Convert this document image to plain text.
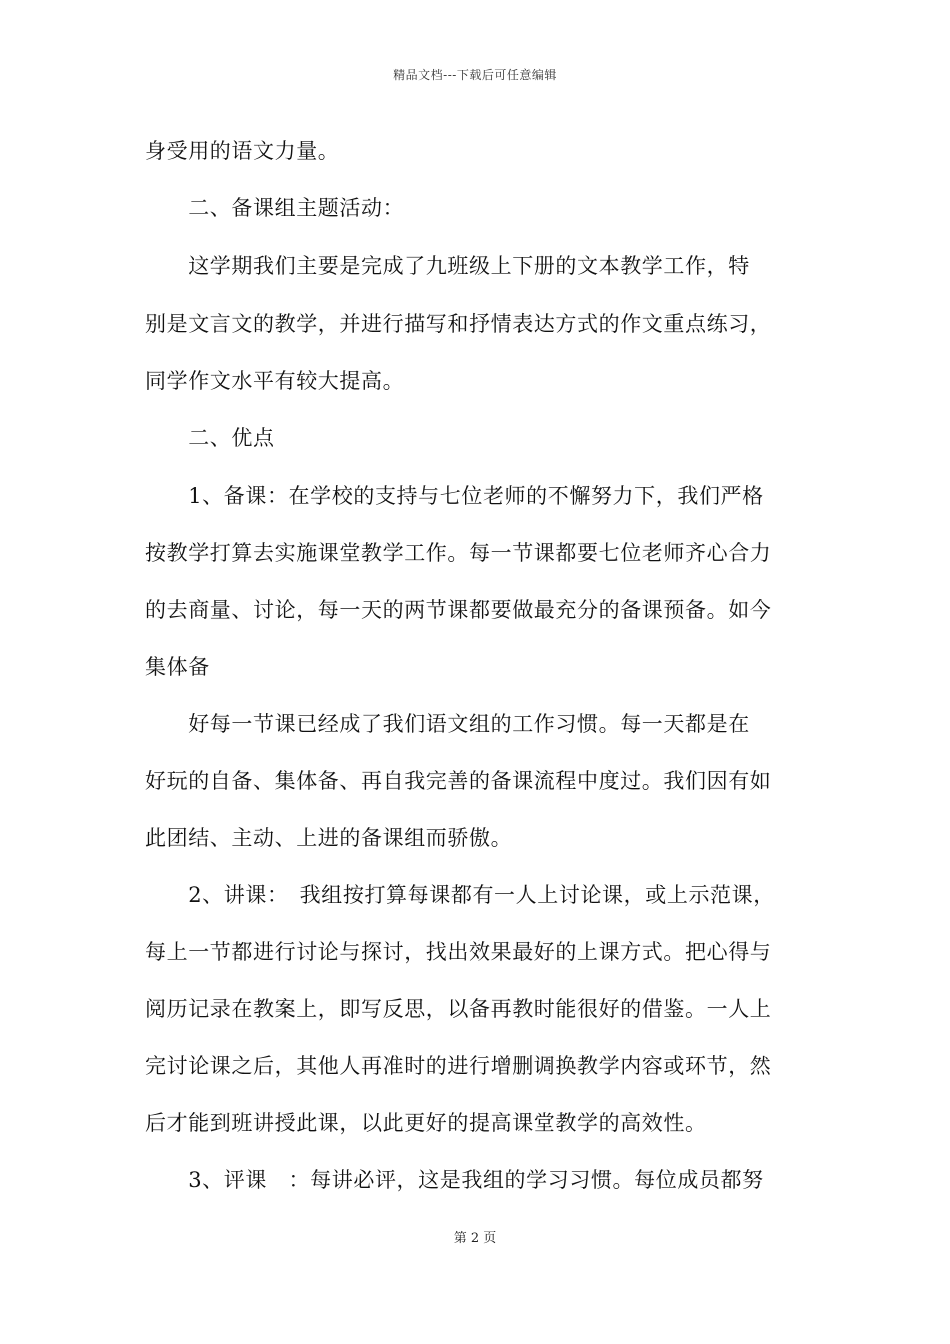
精品文档---下载后可任意编辑
身受用的语文力量。
　　二、备课组主题活动：
　　这学期我们主要是完成了九班级上下册的文本教学工作，特
别是文言文的教学，并进行描写和抒情表达方式的作文重点练习，
同学作文水平有较大提高。
　　二、优点
　　1、备课：在学校的支持与七位老师的不懈努力下，我们严格
按教学打算去实施课堂教学工作。每一节课都要七位老师齐心合力
的去商量、讨论，每一天的两节课都要做最充分的备课预备。如今
集体备
　　好每一节课已经成了我们语文组的工作习惯。每一天都是在
好玩的自备、集体备、再自我完善的备课流程中度过。我们因有如
此团结、主动、上进的备课组而骄傲。
　　2、讲课：　我组按打算每课都有一人上讨论课，或上示范课，
每上一节都进行讨论与探讨，找出效果最好的上课方式。把心得与
阅历记录在教案上，即写反思，以备再教时能很好的借鉴。一人上
完讨论课之后，其他人再准时的进行增删调换教学内容或环节，然
后才能到班讲授此课，以此更好的提高课堂教学的高效性。
　　3、评课　：每讲必评，这是我组的学习习惯。每位成员都努
第 2 页
